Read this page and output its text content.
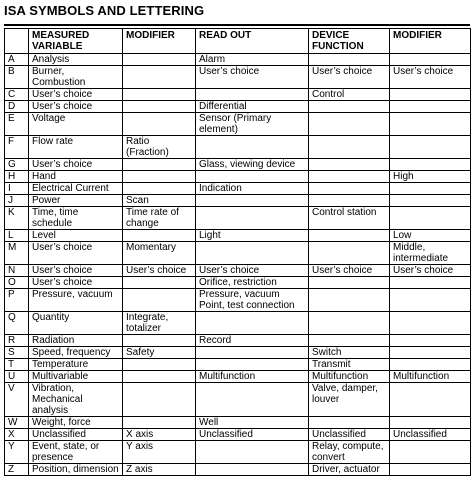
ISA SYMBOLS AND LETTERING
	MEASURED VARIABLE	MODIFIER	READ OUT	DEVICE FUNCTION	MODIFIER
A	Analysis		Alarm		
B	Burner, Combustion		User’s choice	User’s choice	User’s choice
C	User’s choice			Control	
D	User’s choice		Differential		
E	Voltage		Sensor (Primary element)		
F	Flow rate	Ratio (Fraction)			
G	User’s choice		Glass, viewing device		
H	Hand				High
I	Electrical Current		Indication		
J	Power	Scan			
K	Time, time schedule	Time rate of change		Control station	
L	Level		Light		Low
M	User’s choice	Momentary			Middle, intermediate
N	User’s choice	User’s choice	User’s choice	User’s choice	User’s choice
O	User’s choice		Orifice, restriction		
P	Pressure, vacuum		Pressure, vacuum Point, test connection		
Q	Quantity	Integrate, totalizer			
R	Radiation		Record		
S	Speed, frequency	Safety		Switch	
T	Temperature			Transmit	
U	Multivariable		Multifunction	Multifunction	Multifunction
V	Vibration, Mechanical analysis			Valve, damper, louver	
W	Weight, force		Well		
X	Unclassified	X axis	Unclassified	Unclassified	Unclassified
Y	Event, state, or presence	Y axis		Relay, compute, convert	
Z	Position, dimension	Z axis		Driver, actuator	
